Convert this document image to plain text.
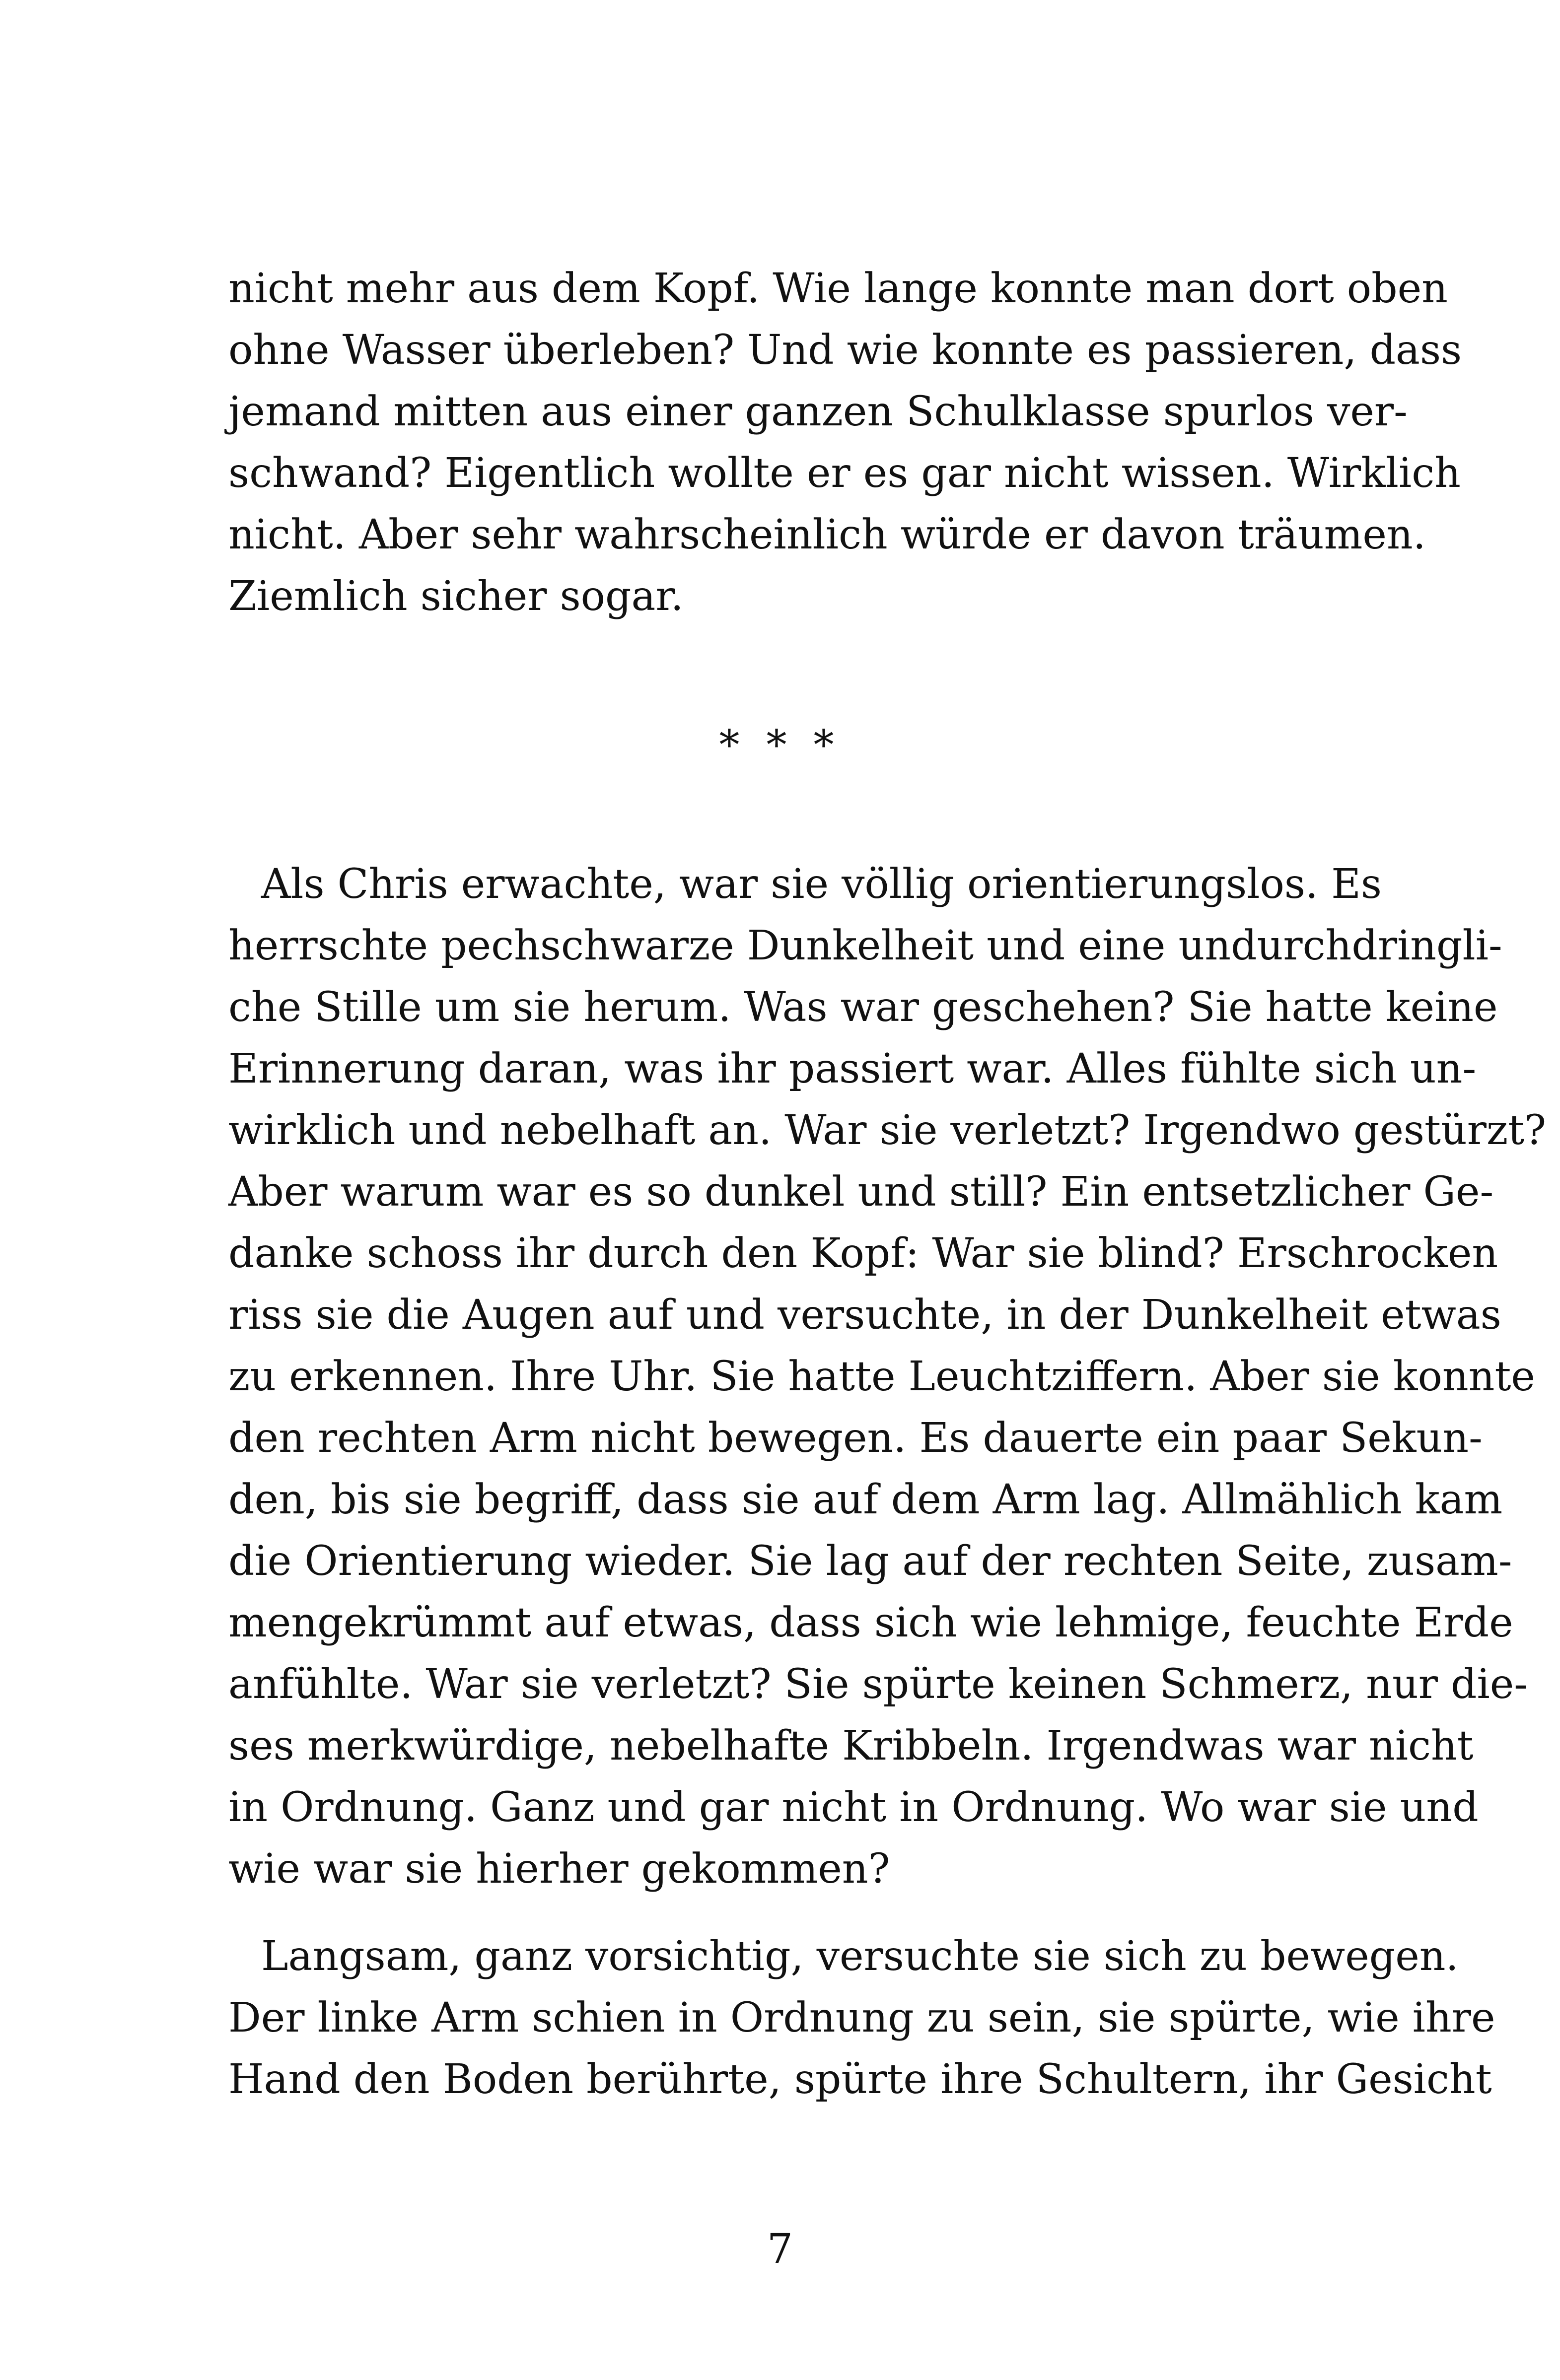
nicht mehr aus dem Kopf. Wie lange konnte man dort oben
ohne Wasser überleben? Und wie konnte es passieren, dass
jemand mitten aus einer ganzen Schulklasse spurlos ver-
schwand? Eigentlich wollte er es gar nicht wissen. Wirklich
nicht. Aber sehr wahrscheinlich würde er davon träumen.
Ziemlich sicher sogar.
* * *
Als Chris erwachte, war sie völlig orientierungslos. Es
herrschte pechschwarze Dunkelheit und eine undurchdringli-
che Stille um sie herum. Was war geschehen? Sie hatte keine
Erinnerung daran, was ihr passiert war. Alles fühlte sich un-
wirklich und nebelhaft an. War sie verletzt? Irgendwo gestürzt?
Aber warum war es so dunkel und still? Ein entsetzlicher Ge-
danke schoss ihr durch den Kopf: War sie blind? Erschrocken
riss sie die Augen auf und versuchte, in der Dunkelheit etwas
zu erkennen. Ihre Uhr. Sie hatte Leuchtziffern. Aber sie konnte
den rechten Arm nicht bewegen. Es dauerte ein paar Sekun-
den, bis sie begriff, dass sie auf dem Arm lag. Allmählich kam
die Orientierung wieder. Sie lag auf der rechten Seite, zusam-
mengekrümmt auf etwas, dass sich wie lehmige, feuchte Erde
anfühlte. War sie verletzt? Sie spürte keinen Schmerz, nur die-
ses merkwürdige, nebelhafte Kribbeln. Irgendwas war nicht
in Ordnung. Ganz und gar nicht in Ordnung. Wo war sie und
wie war sie hierher gekommen?
Langsam, ganz vorsichtig, versuchte sie sich zu bewegen.
Der linke Arm schien in Ordnung zu sein, sie spürte, wie ihre
Hand den Boden berührte, spürte ihre Schultern, ihr Gesicht
7
